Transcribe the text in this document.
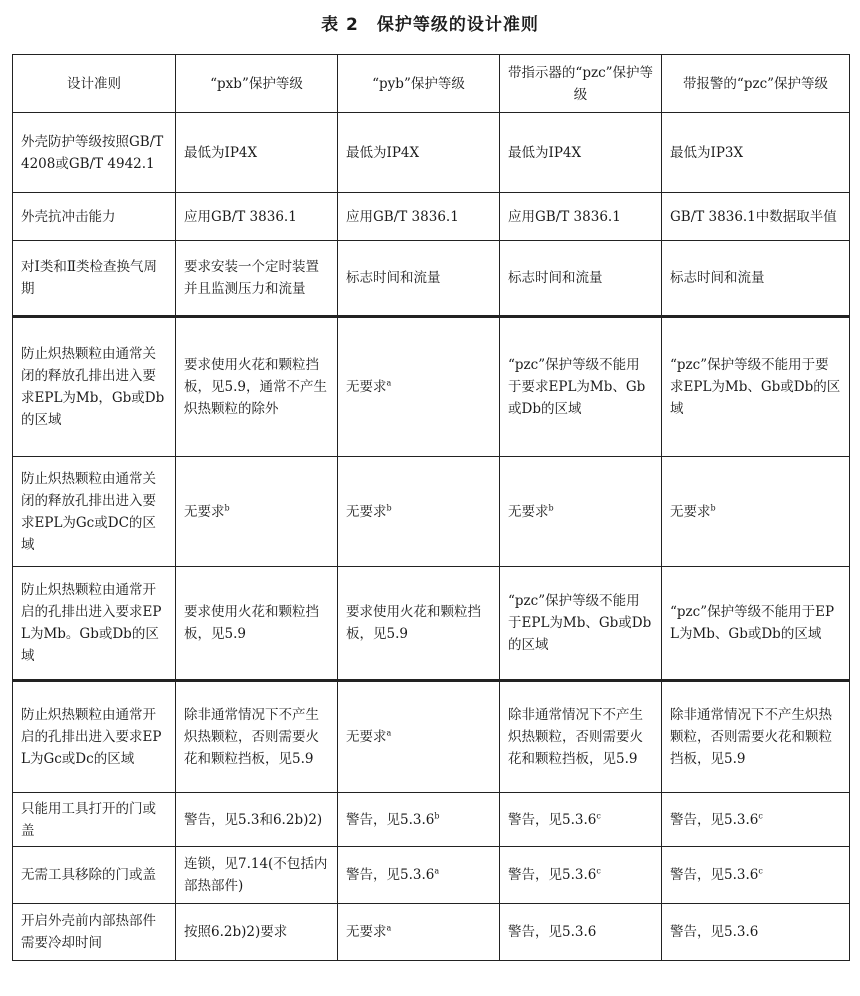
表 2　保护等级的设计准则
设计准则	“pxb”保护等级	“pyb”保护等级	带指示器的“pzc”保护等级	带报警的“pzc”保护等级
外壳防护等级按照GB/T 4208或GB/T 4942.1	最低为IP4X	最低为IP4X	最低为IP4X	最低为IP3X
外壳抗冲击能力	应用GB/T 3836.1	应用GB/T 3836.1	应用GB/T 3836.1	GB/T 3836.1中数据取半值
对Ⅰ类和Ⅱ类检查换气周期	要求安装一个定时装置并且监测压力和流量	标志时间和流量	标志时间和流量	标志时间和流量
防止炽热颗粒由通常关闭的释放孔排出进入要求EPL为Mb，Gb或Db的区域	要求使用火花和颗粒挡板，见5.9，通常不产生炽热颗粒的除外	无要求$^a$	“pzc”保护等级不能用于要求EPL为Mb、Gb或Db的区域	“pzc”保护等级不能用于要求EPL为Mb、Gb或Db的区域
防止炽热颗粒由通常关闭的释放孔排出进入要求EPL为Gc或DC的区域	无要求$^b$	无要求$^b$	无要求$^b$	无要求$^b$
防止炽热颗粒由通常开启的孔排出进入要求EPL为Mb。Gb或Db的区域	要求使用火花和颗粒挡板，见5.9	要求使用火花和颗粒挡板，见5.9	“pzc”保护等级不能用于EPL为Mb、Gb或Db的区域	“pzc”保护等级不能用于EPL为Mb、Gb或Db的区域
防止炽热颗粒由通常开启的孔排出进入要求EPL为Gc或Dc的区域	除非通常情况下不产生炽热颗粒，否则需要火花和颗粒挡板，见5.9	无要求$^a$	除非通常情况下不产生炽热颗粒，否则需要火花和颗粒挡板，见5.9	除非通常情况下不产生炽热颗粒，否则需要火花和颗粒挡板，见5.9
只能用工具打开的门或盖	警告，见5.3和6.2b)2)	警告，见5.3.6$^b$	警告，见5.3.6$^c$	警告，见5.3.6$^c$
无需工具移除的门或盖	连锁，见7.14(不包括内部热部件)	警告，见5.3.6$^a$	警告，见5.3.6$^c$	警告，见5.3.6$^c$
开启外壳前内部热部件需要冷却时间	按照6.2b)2)要求	无要求$^a$	警告，见5.3.6	警告，见5.3.6
